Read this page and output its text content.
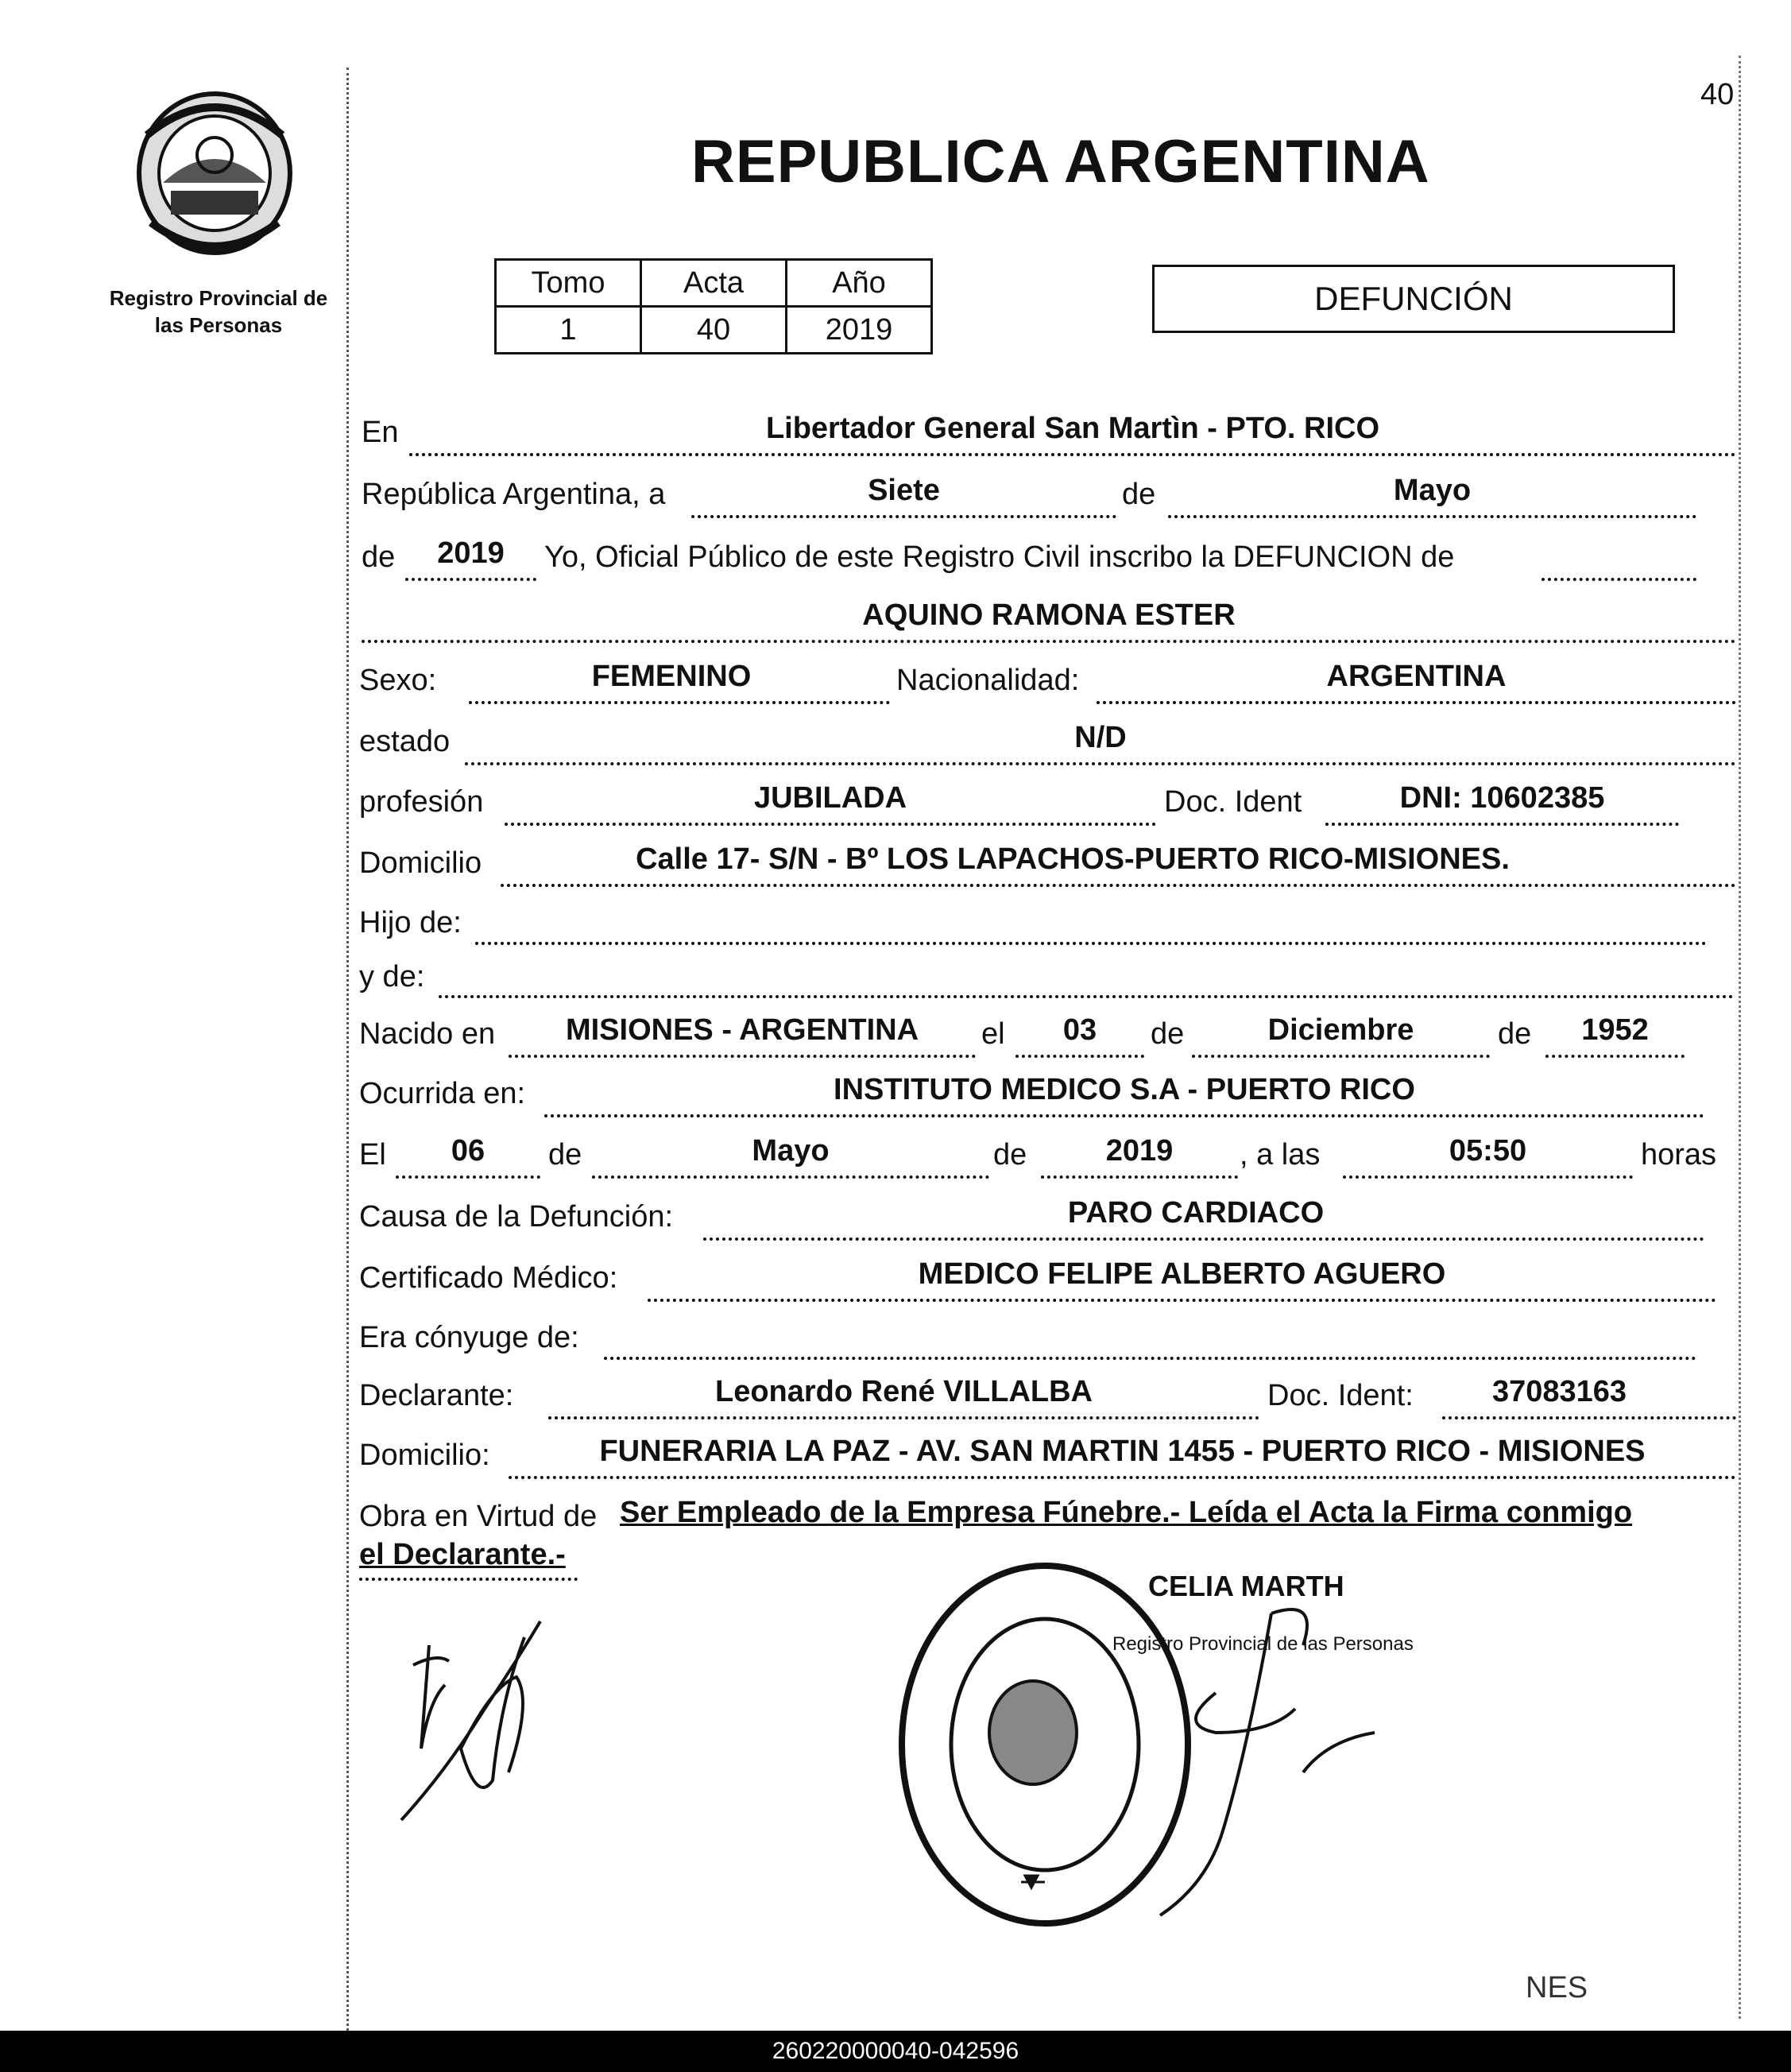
Registro Provincial de las Personas
40
REPUBLICA ARGENTINA
Tomo	Acta	Año
1	40	2019
DEFUNCIÓN
En	Libertador General San Martìn - PTO. RICO
República Argentina, a	Siete	de	Mayo
de	2019	Yo, Oficial Público de este Registro Civil inscribo la DEFUNCION de
AQUINO RAMONA ESTER
Sexo:	FEMENINO	Nacionalidad:	ARGENTINA
estado	N/D
profesión	JUBILADA	Doc. Ident	DNI: 10602385
Domicilio	Calle 17- S/N - Bº LOS LAPACHOS-PUERTO RICO-MISIONES.
Hijo de:
y de:
Nacido en	MISIONES - ARGENTINA	el	03	de	Diciembre	de	1952
Ocurrida en:	INSTITUTO MEDICO S.A - PUERTO RICO
El	06	de	Mayo	de	2019	, a las	05:50	horas
Causa de la Defunción:	PARO CARDIACO
Certificado Médico:	MEDICO FELIPE ALBERTO AGUERO
Era cónyuge de:
Declarante:	Leonardo René VILLALBA	Doc. Ident:	37083163
Domicilio:	FUNERARIA LA PAZ - AV. SAN MARTIN 1455 - PUERTO RICO - MISIONES
Obra en Virtud de Ser Empleado de la Empresa Fúnebre.- Leída el Acta la Firma conmigo
el Declarante.-
CELIA MARTH
Registro Provincial de las Personas
NES
260220000040-042596
